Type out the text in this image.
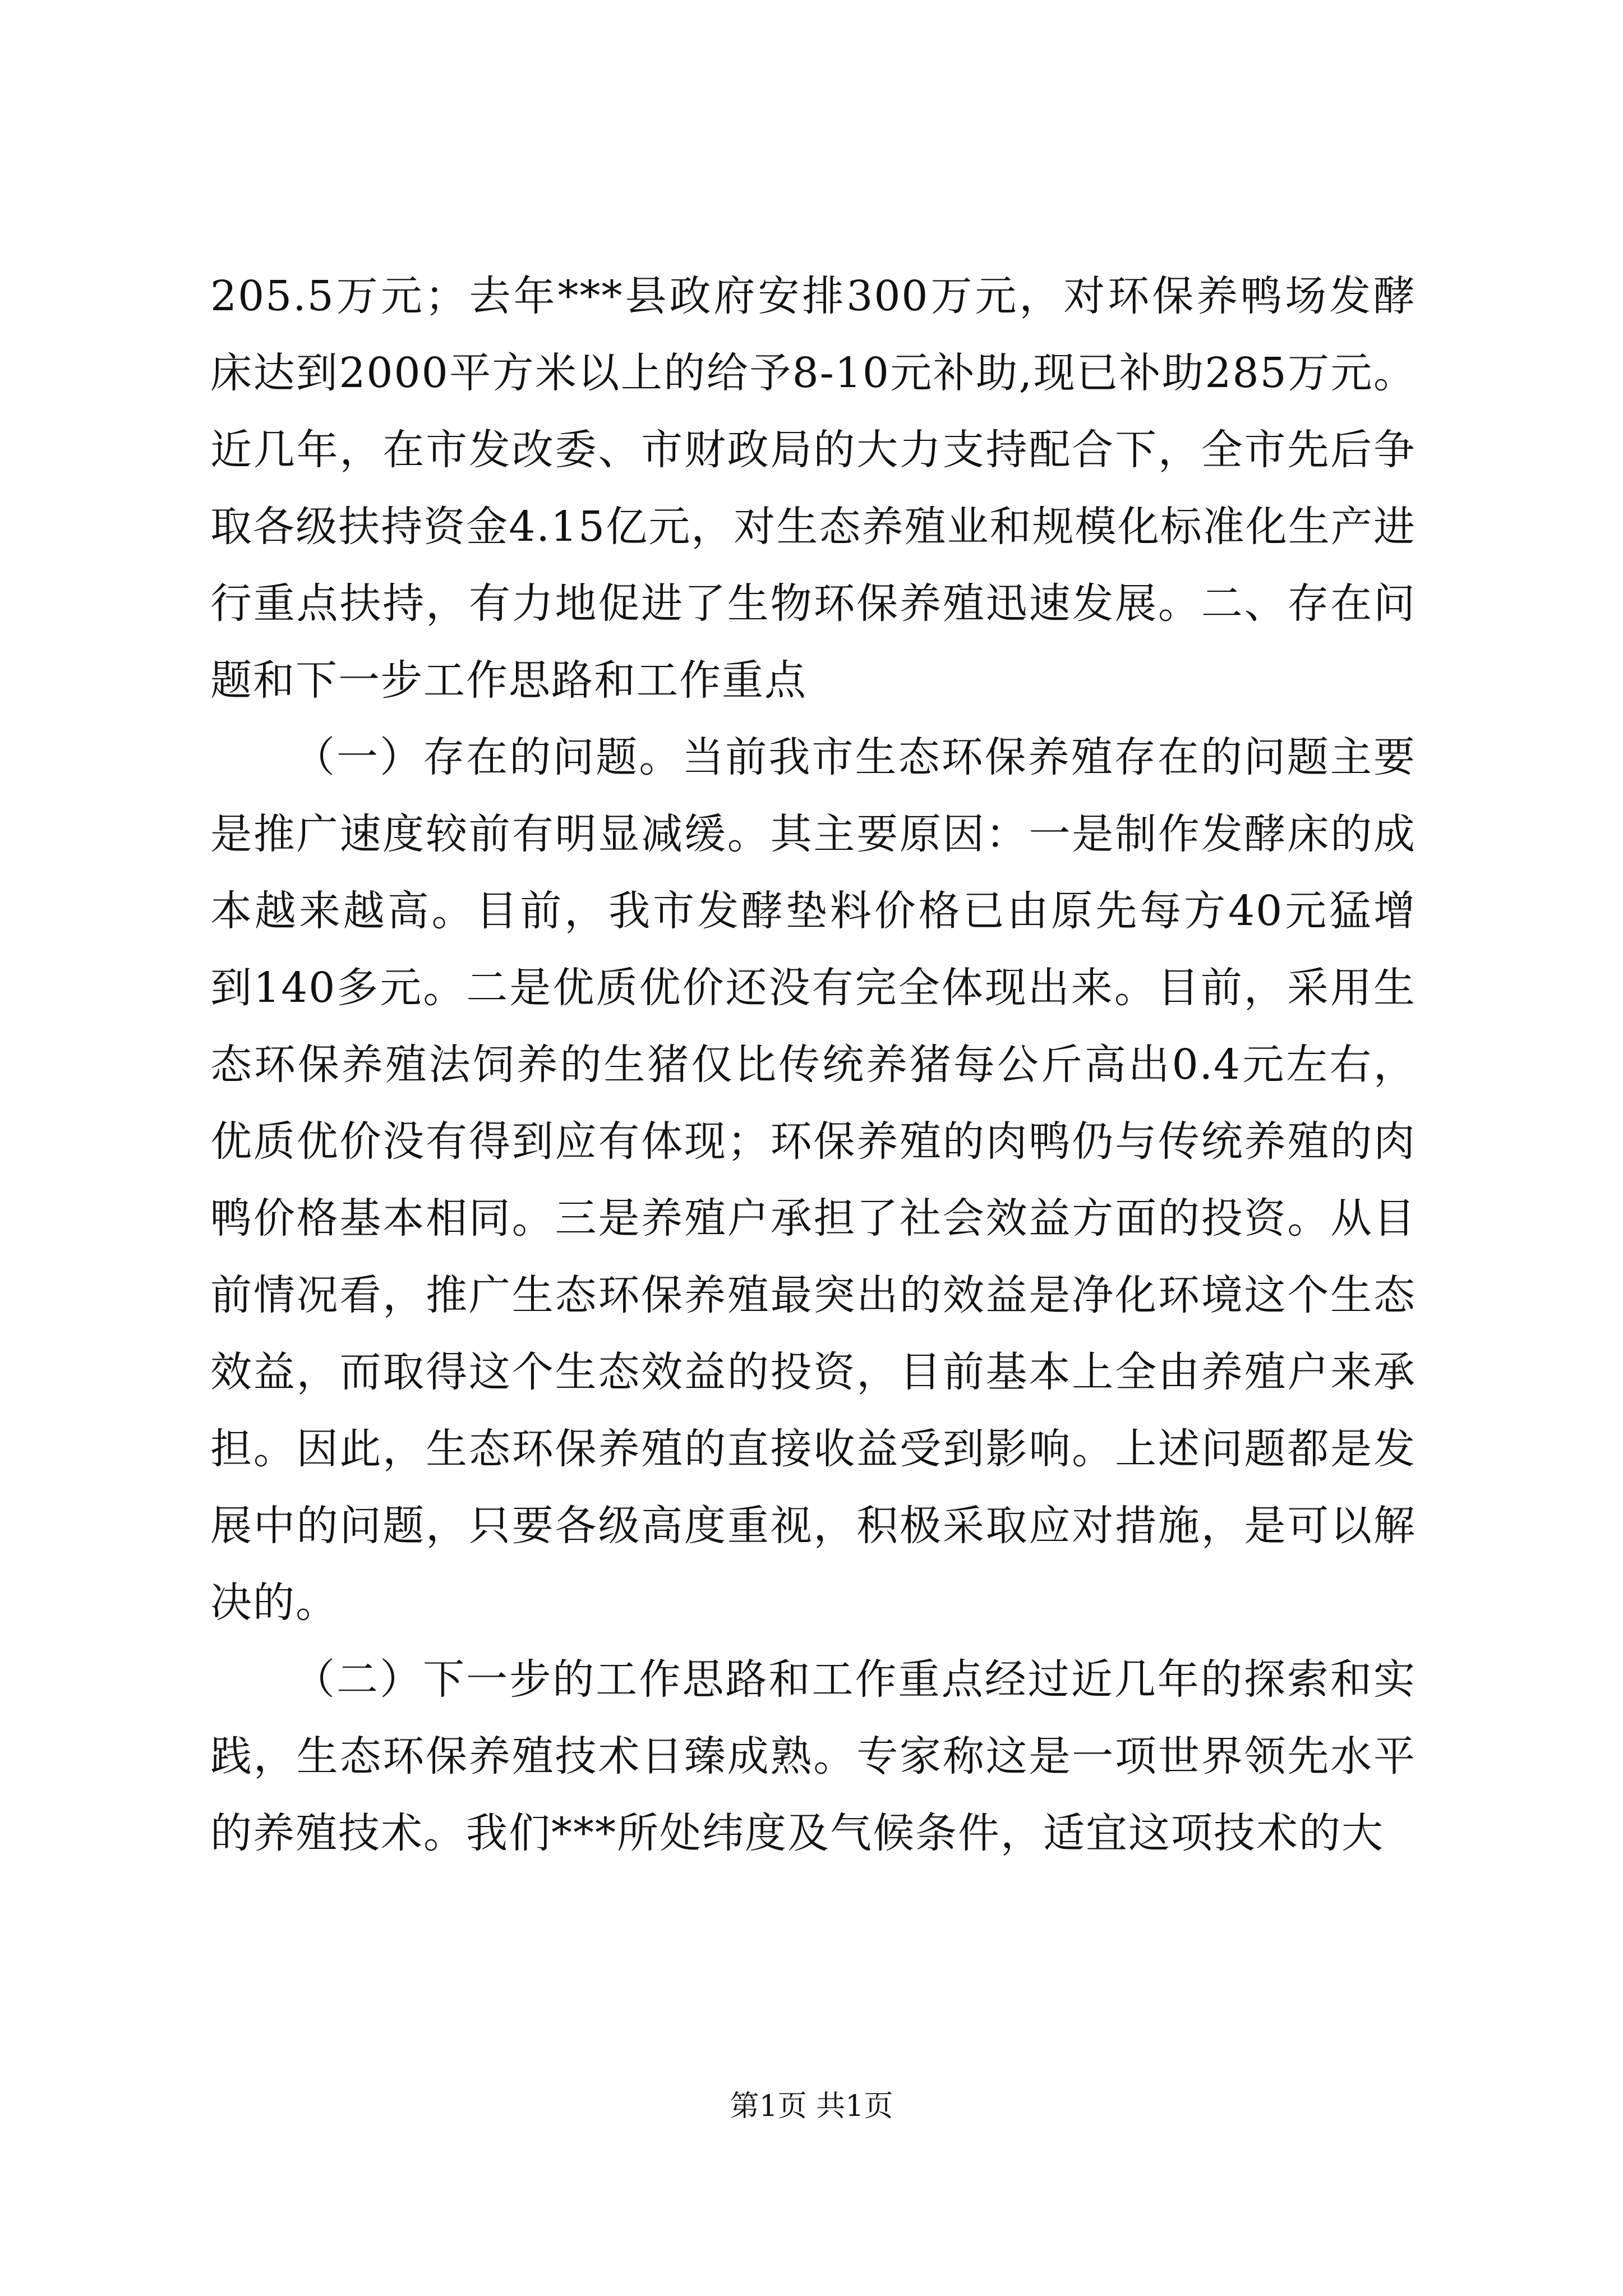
205.5万元；去年***县政府安排300万元，对环保养鸭场发酵床达到2000平方米以上的给予8-10元补助,现已补助285万元。近几年，在市发改委、市财政局的大力支持配合下，全市先后争取各级扶持资金4.15亿元，对生态养殖业和规模化标准化生产进行重点扶持，有力地促进了生物环保养殖迅速发展。二、存在问题和下一步工作思路和工作重点

（一）存在的问题。当前我市生态环保养殖存在的问题主要是推广速度较前有明显减缓。其主要原因：一是制作发酵床的成本越来越高。目前，我市发酵垫料价格已由原先每方40元猛增到140多元。二是优质优价还没有完全体现出来。目前，采用生态环保养殖法饲养的生猪仅比传统养猪每公斤高出0.4元左右，优质优价没有得到应有体现；环保养殖的肉鸭仍与传统养殖的肉鸭价格基本相同。三是养殖户承担了社会效益方面的投资。从目前情况看，推广生态环保养殖最突出的效益是净化环境这个生态效益，而取得这个生态效益的投资，目前基本上全由养殖户来承担。因此，生态环保养殖的直接收益受到影响。上述问题都是发展中的问题，只要各级高度重视，积极采取应对措施，是可以解决的。

（二）下一步的工作思路和工作重点经过近几年的探索和实践，生态环保养殖技术日臻成熟。专家称这是一项世界领先水平的养殖技术。我们***所处纬度及气候条件，适宜这项技术的大

第1页 共1页
